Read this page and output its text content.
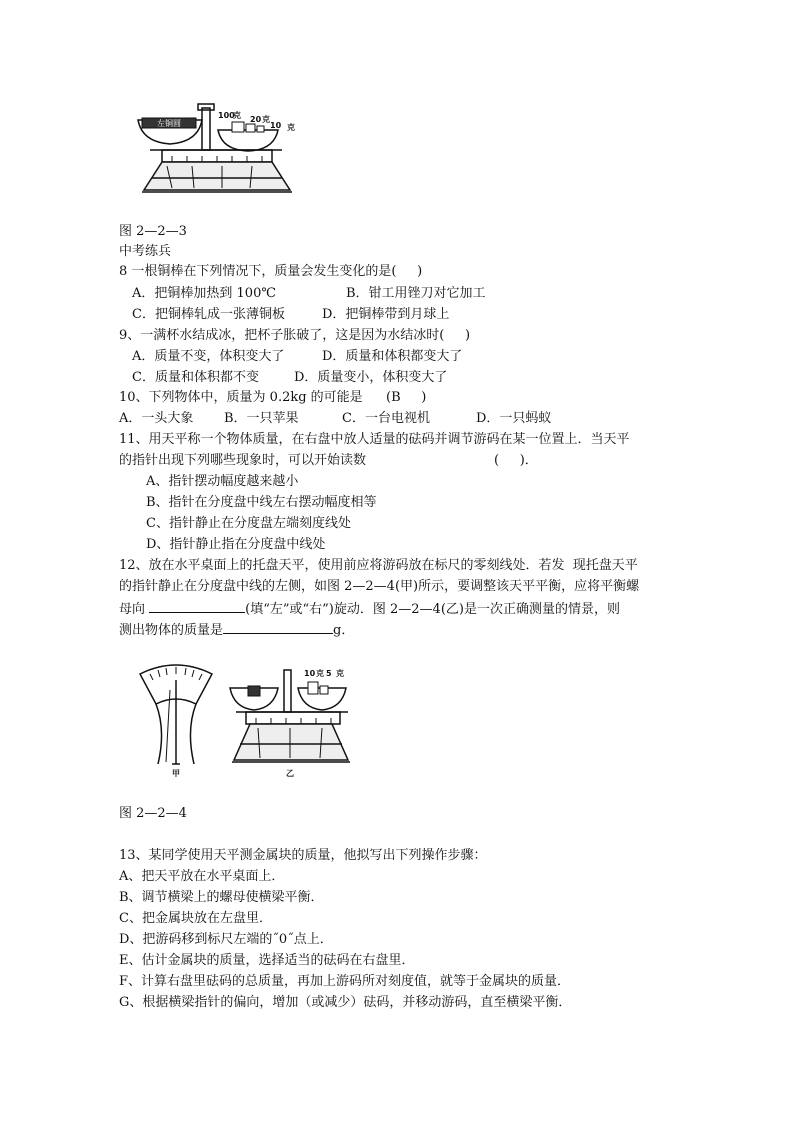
左铜圆
100
克 20 克
10 克
图 2—2—3
中考练兵
8 一根铜棒在下列情况下，质量会发生变化的是(     )
A．把铜棒加热到 100℃	B．钳工用锉刀对它加工
C．把铜棒轧成一张薄铜板	D．把铜棒带到月球上
9、一满杯水结成冰，把杯子胀破了，这是因为水结冰时(     )
A．质量不变，体积变大了	D．质量和体积都变大了
C．质量和体积都不变	D．质量变小，体积变大了
10、下列物体中，质量为 0.2kg 的可能是 (B     )
A．一头大象 B．一只苹果	C．一台电视机	D．一只蚂蚁
11、用天平称一个物体质量，在右盘中放人适量的砝码并调节游码在某一位置上．当天平
的指针出现下列哪些现象时，可以开始读数	(     )．
A、指针摆动幅度越来越小
B、指针在分度盘中线左右摆动幅度相等
C、指针静止在分度盘左端刻度线处
D、指针静止指在分度盘中线处
12、放在水平桌面上的托盘天平，使用前应将游码放在标尺的零刻线处．若发  现托盘天平
的指针静止在分度盘中线的左侧，如图 2—2—4(甲)所示，要调整该天平平衡，应将平衡螺
母向	(填“左”或“右”)旋动．图 2—2—4(乙)是一次正确测量的情景，则
测出物体的质量是	g．
甲
10 克 5 克
乙
图 2—2—4
13、某同学使用天平测金属块的质量，他拟写出下列操作步骤：
A、把天平放在水平桌面上．
B、调节横梁上的螺母使横梁平衡．
C、把金属块放在左盘里．
D、把游码移到标尺左端的˝0˝点上．
E、估计金属块的质量，选择适当的砝码在右盘里．
F、计算右盘里砝码的总质量，再加上游码所对刻度值，就等于金属块的质量．
G、根据横梁指针的偏向，增加（或减少）砝码，并移动游码，直至横梁平衡．
